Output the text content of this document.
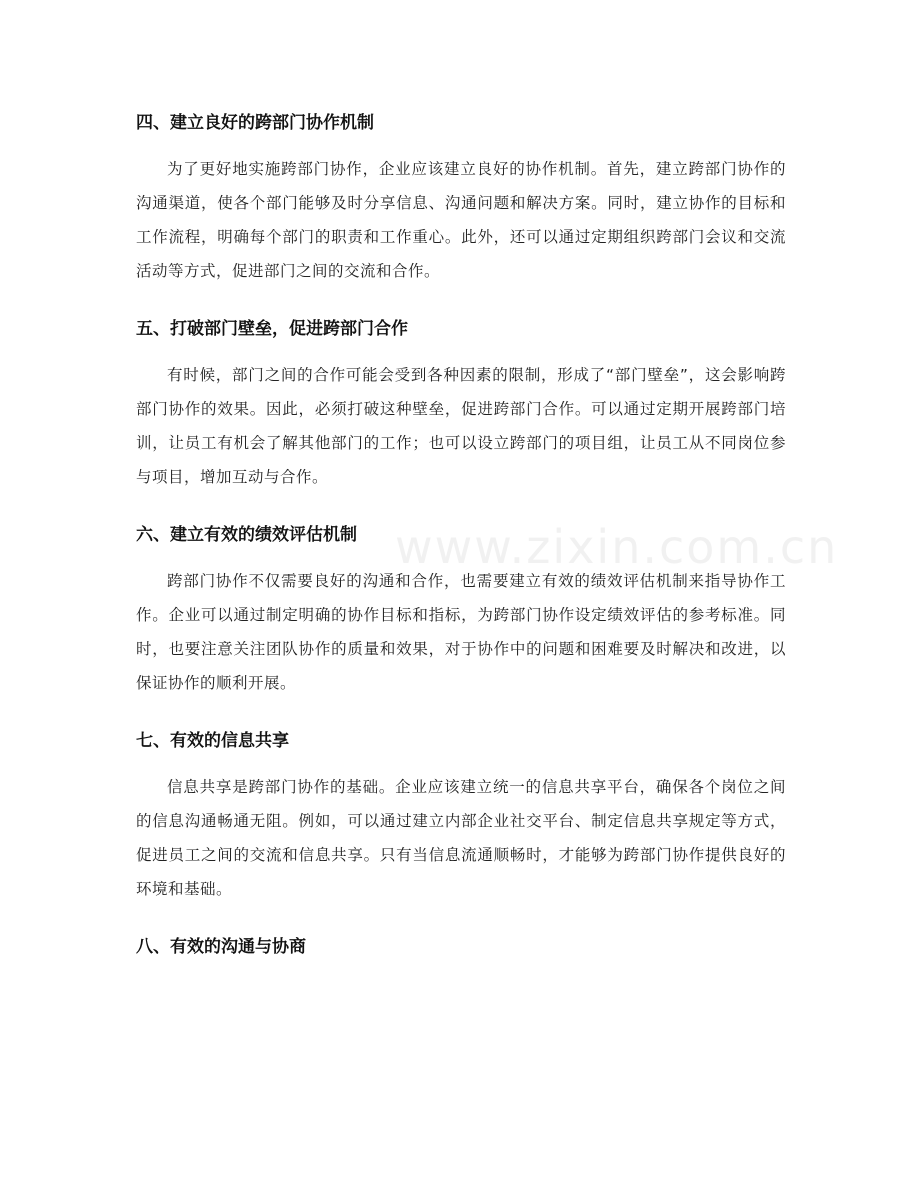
www.zixin.com.cn
四、建立良好的跨部门协作机制

为了更好地实施跨部门协作，企业应该建立良好的协作机制。首先，建立跨部门协作的沟通渠道，使各个部门能够及时分享信息、沟通问题和解决方案。同时，建立协作的目标和工作流程，明确每个部门的职责和工作重心。此外，还可以通过定期组织跨部门会议和交流活动等方式，促进部门之间的交流和合作。

五、打破部门壁垒，促进跨部门合作

有时候，部门之间的合作可能会受到各种因素的限制，形成了“部门壁垒”，这会影响跨部门协作的效果。因此，必须打破这种壁垒，促进跨部门合作。可以通过定期开展跨部门培训，让员工有机会了解其他部门的工作；也可以设立跨部门的项目组，让员工从不同岗位参与项目，增加互动与合作。

六、建立有效的绩效评估机制

跨部门协作不仅需要良好的沟通和合作，也需要建立有效的绩效评估机制来指导协作工作。企业可以通过制定明确的协作目标和指标，为跨部门协作设定绩效评估的参考标准。同时，也要注意关注团队协作的质量和效果，对于协作中的问题和困难要及时解决和改进，以保证协作的顺利开展。

七、有效的信息共享

信息共享是跨部门协作的基础。企业应该建立统一的信息共享平台，确保各个岗位之间的信息沟通畅通无阻。例如，可以通过建立内部企业社交平台、制定信息共享规定等方式，促进员工之间的交流和信息共享。只有当信息流通顺畅时，才能够为跨部门协作提供良好的环境和基础。

八、有效的沟通与协商
